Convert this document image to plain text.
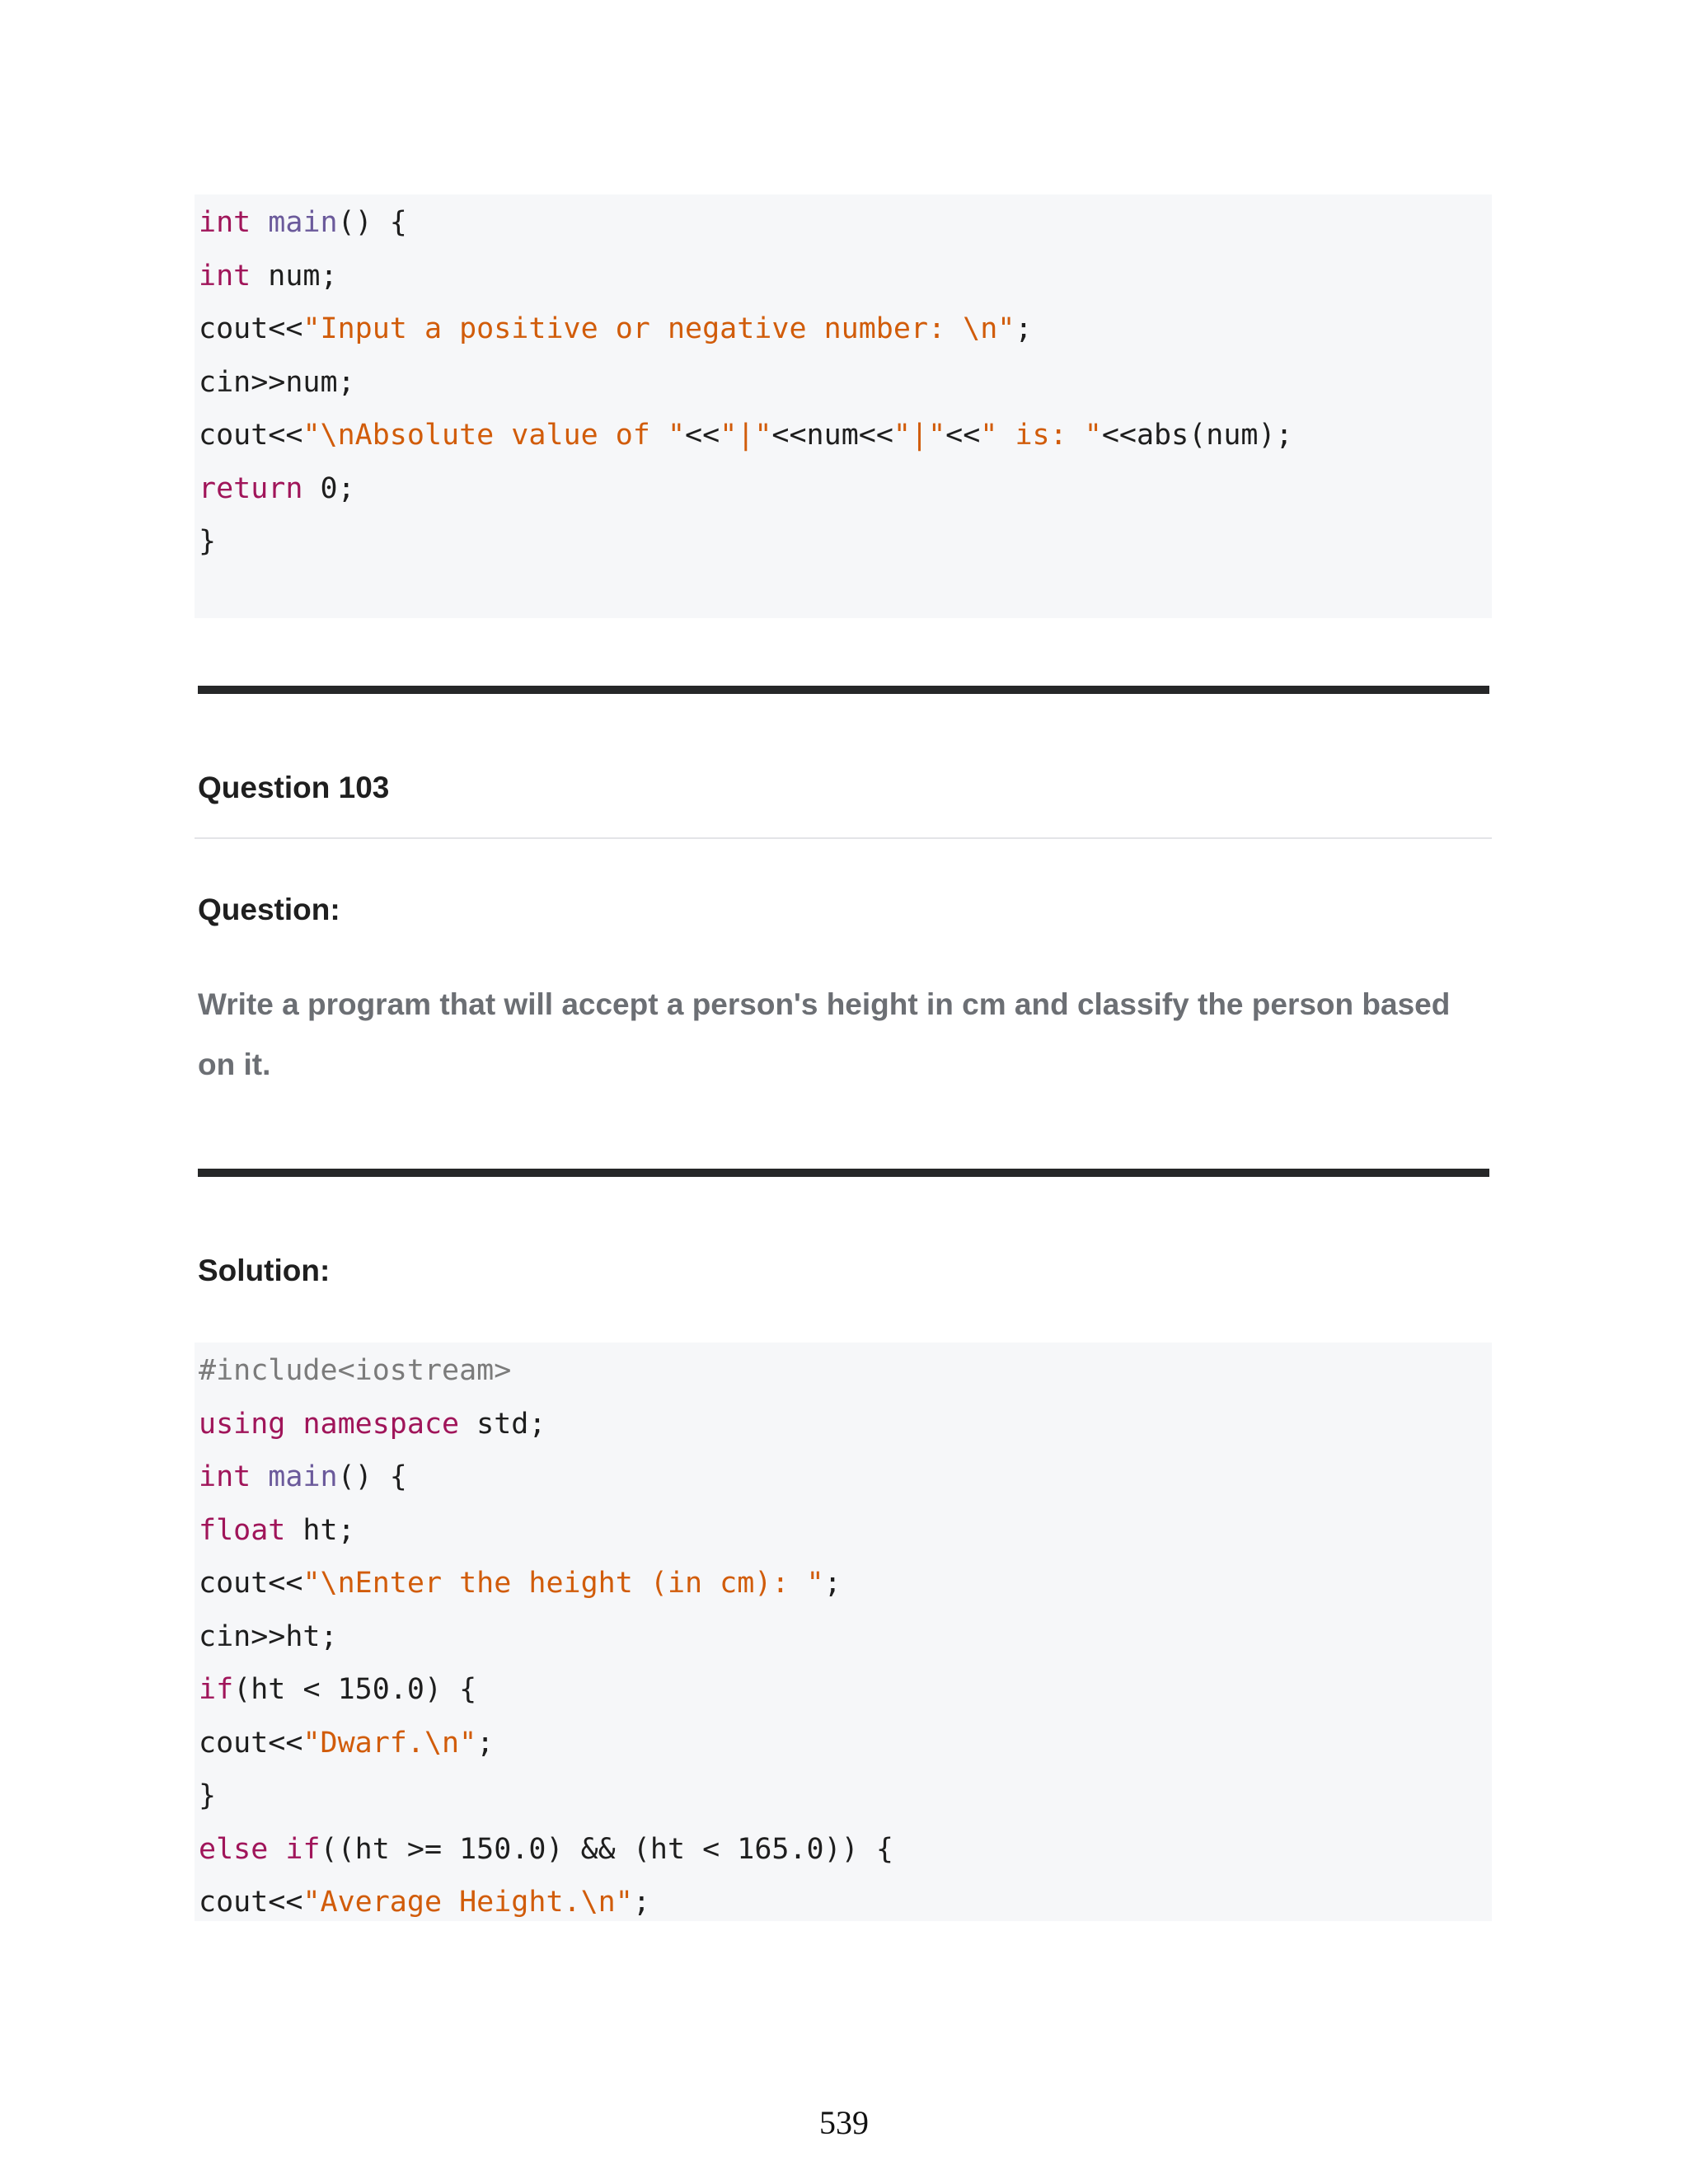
int main() {
int num;
cout<<"Input a positive or negative number: \n";
cin>>num;
cout<<"\nAbsolute value of "<<"|"<<num<<"|"<<" is: "<<abs(num);
return 0;
}
Question 103
Question:
Write a program that will accept a person's height in cm and classify the person based on it.
Solution:
#include<iostream>
using namespace std;
int main() {
float ht;
cout<<"\nEnter the height (in cm): ";
cin>>ht;
if(ht < 150.0) {
cout<<"Dwarf.\n";
}
else if((ht >= 150.0) && (ht < 165.0)) {
cout<<"Average Height.\n";
539
